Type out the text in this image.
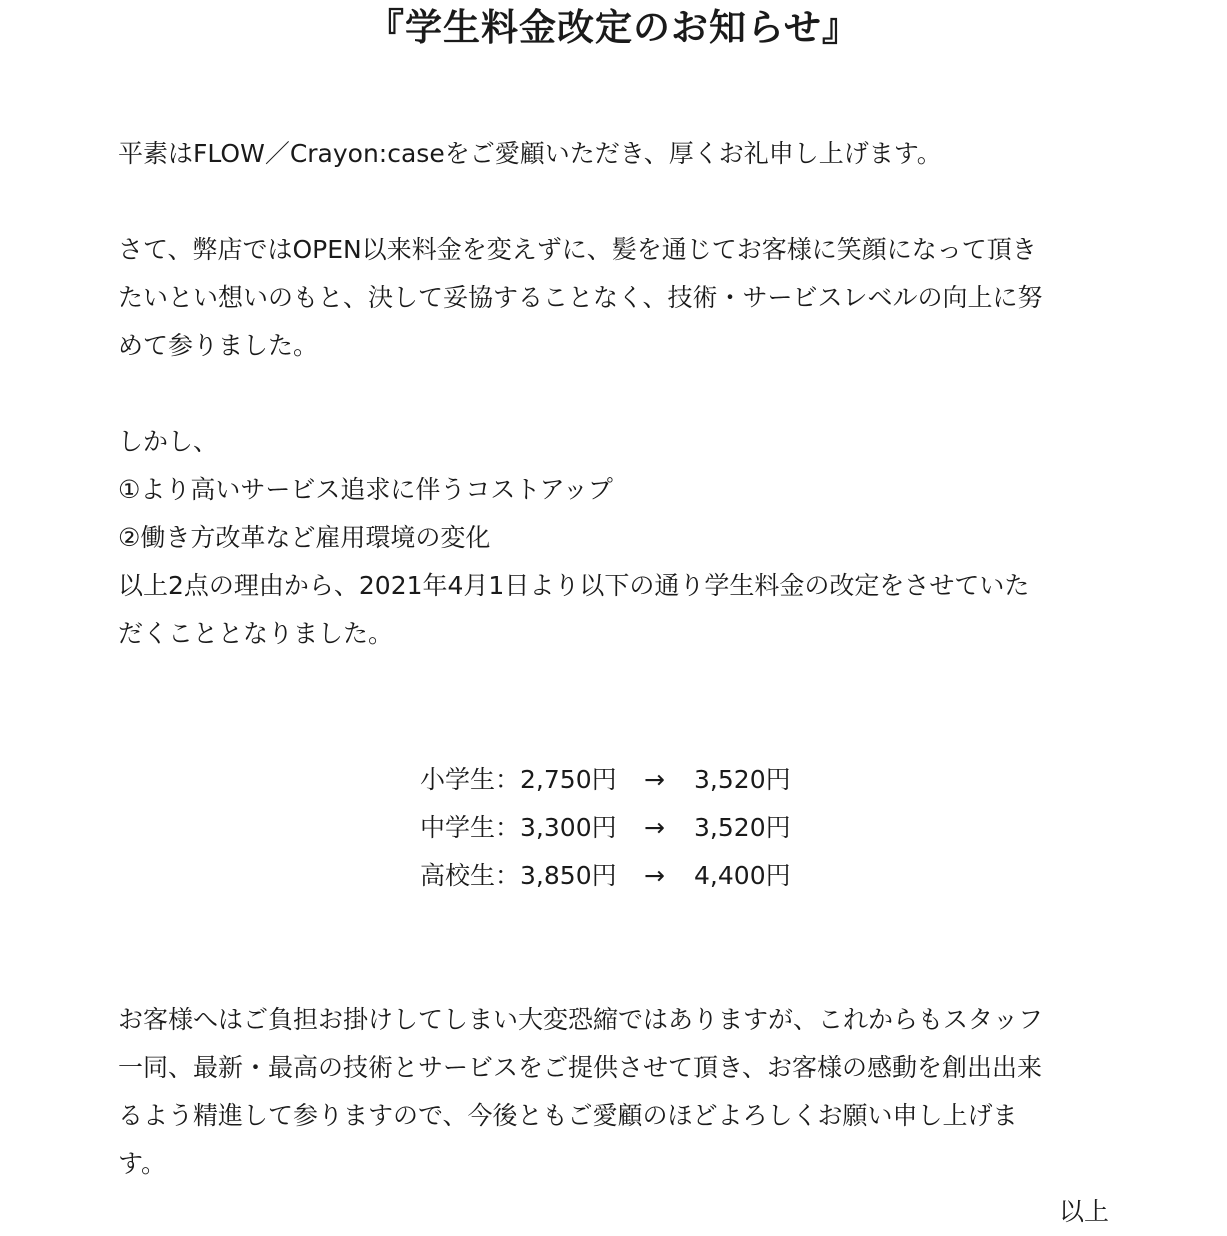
『学生料金改定のお知らせ』

平素はFLOW／Crayon:caseをご愛顧いただき、厚くお礼申し上げます。

さて、弊店ではOPEN以来料金を変えずに、髪を通じてお客様に笑顔になって頂き
たいとい想いのもと、決して妥協することなく、技術・サービスレベルの向上に努
めて参りました。

しかし、
①より高いサービス追求に伴うコストアップ
②働き方改革など雇用環境の変化
以上2点の理由から、2021年4月1日より以下の通り学生料金の改定をさせていた
だくこととなりました。

小学生：2,750円 → 3,520円
中学生：3,300円 → 3,520円
高校生：3,850円 → 4,400円

お客様へはご負担お掛けしてしまい大変恐縮ではありますが、これからもスタッフ
一同、最新・最高の技術とサービスをご提供させて頂き、お客様の感動を創出出来
るよう精進して参りますので、今後ともご愛顧のほどよろしくお願い申し上げま
す。

以上
